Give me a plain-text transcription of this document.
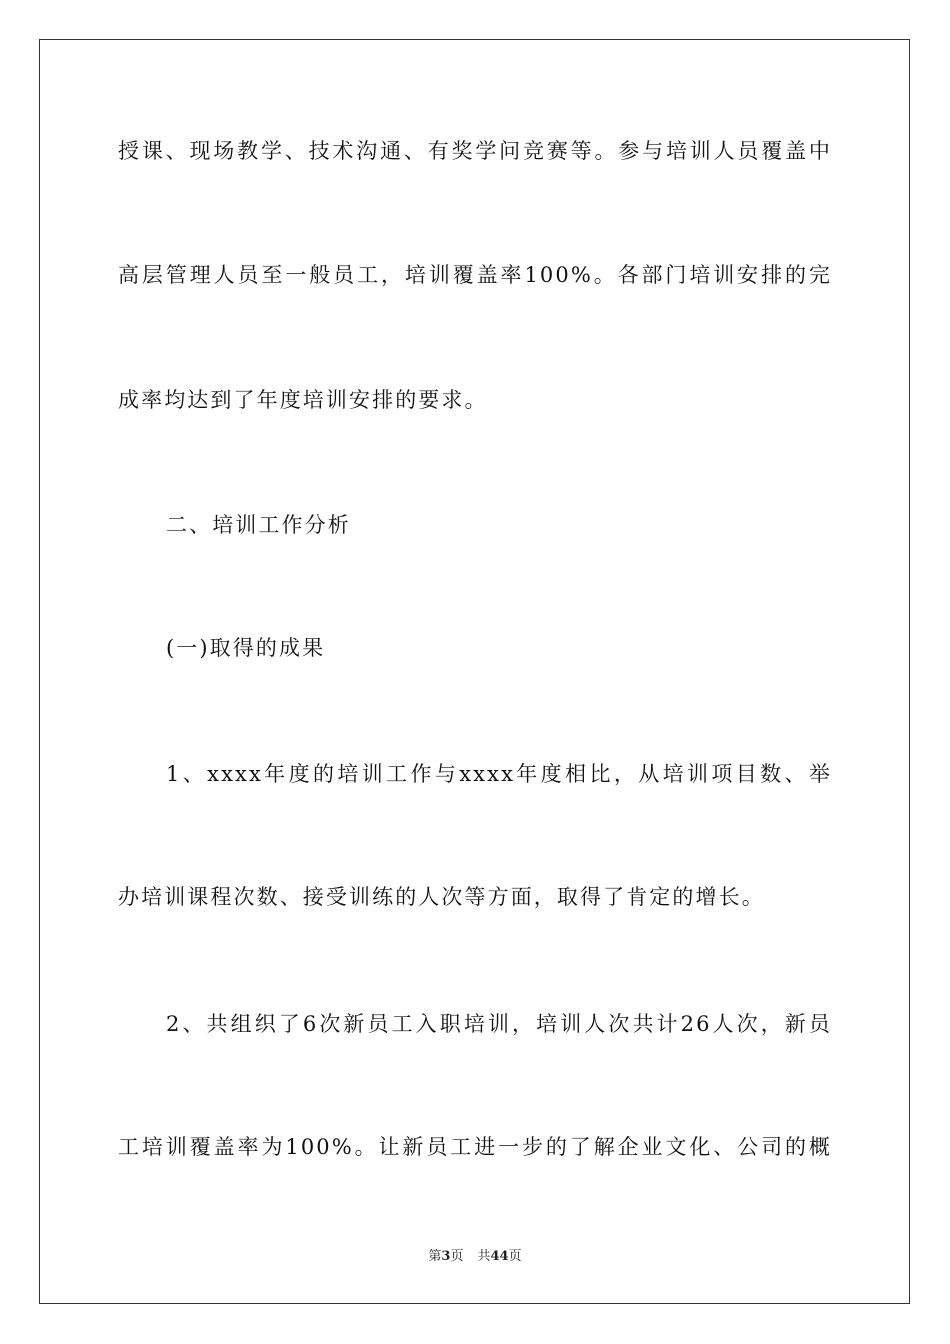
授课、现场教学、技术沟通、有奖学问竞赛等。参与培训人员覆盖中
高层管理人员至一般员工，培训覆盖率100%。各部门培训安排的完
成率均达到了年度培训安排的要求。
二、培训工作分析
(一)取得的成果
1、xxxx年度的培训工作与xxxx年度相比，从培训项目数、举
办培训课程次数、接受训练的人次等方面，取得了肯定的增长。
2、共组织了6次新员工入职培训，培训人次共计26人次，新员
工培训覆盖率为100%。让新员工进一步的了解企业文化、公司的概
第3页 共44页
